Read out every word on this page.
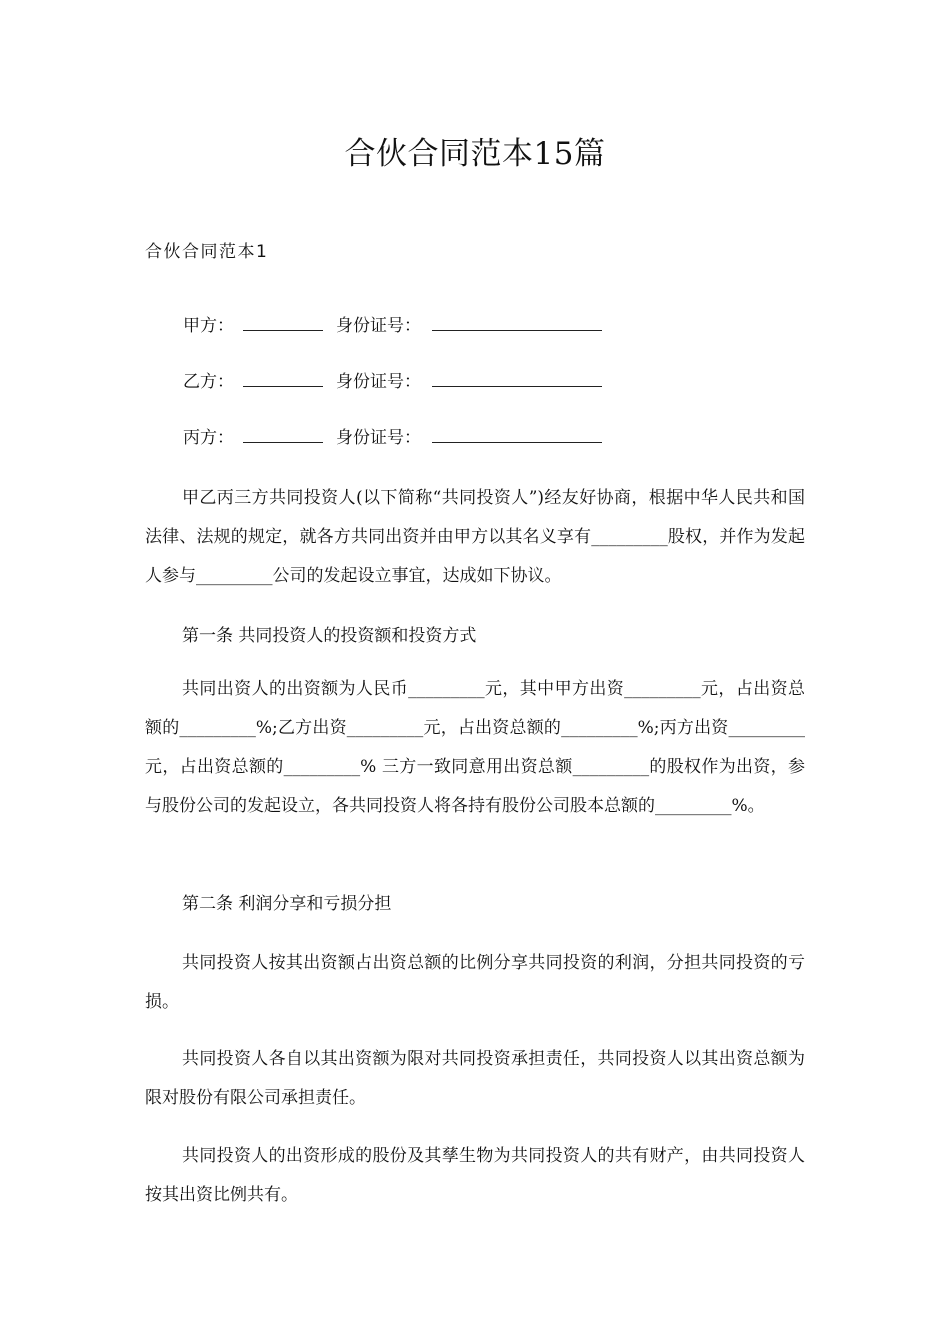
合伙合同范本15篇
合伙合同范本1
甲方：	身份证号：
乙方：	身份证号：
丙方：	身份证号：

甲乙丙三方共同投资人(以下简称“共同投资人”)经友好协商，根据中华人民共和国法律、法规的规定，就各方共同出资并由甲方以其名义享有_________股权，并作为发起人参与_________公司的发起设立事宜，达成如下协议。

第一条 共同投资人的投资额和投资方式

共同出资人的出资额为人民币_________元，其中甲方出资_________元，占出资总额的_________%;乙方出资_________元，占出资总额的_________%;丙方出资_________元，占出资总额的_________% 三方一致同意用出资总额_________的股权作为出资，参与股份公司的发起设立，各共同投资人将各持有股份公司股本总额的_________%。

第二条 利润分享和亏损分担

共同投资人按其出资额占出资总额的比例分享共同投资的利润，分担共同投资的亏损。

共同投资人各自以其出资额为限对共同投资承担责任，共同投资人以其出资总额为限对股份有限公司承担责任。

共同投资人的出资形成的股份及其孳生物为共同投资人的共有财产，由共同投资人按其出资比例共有。
